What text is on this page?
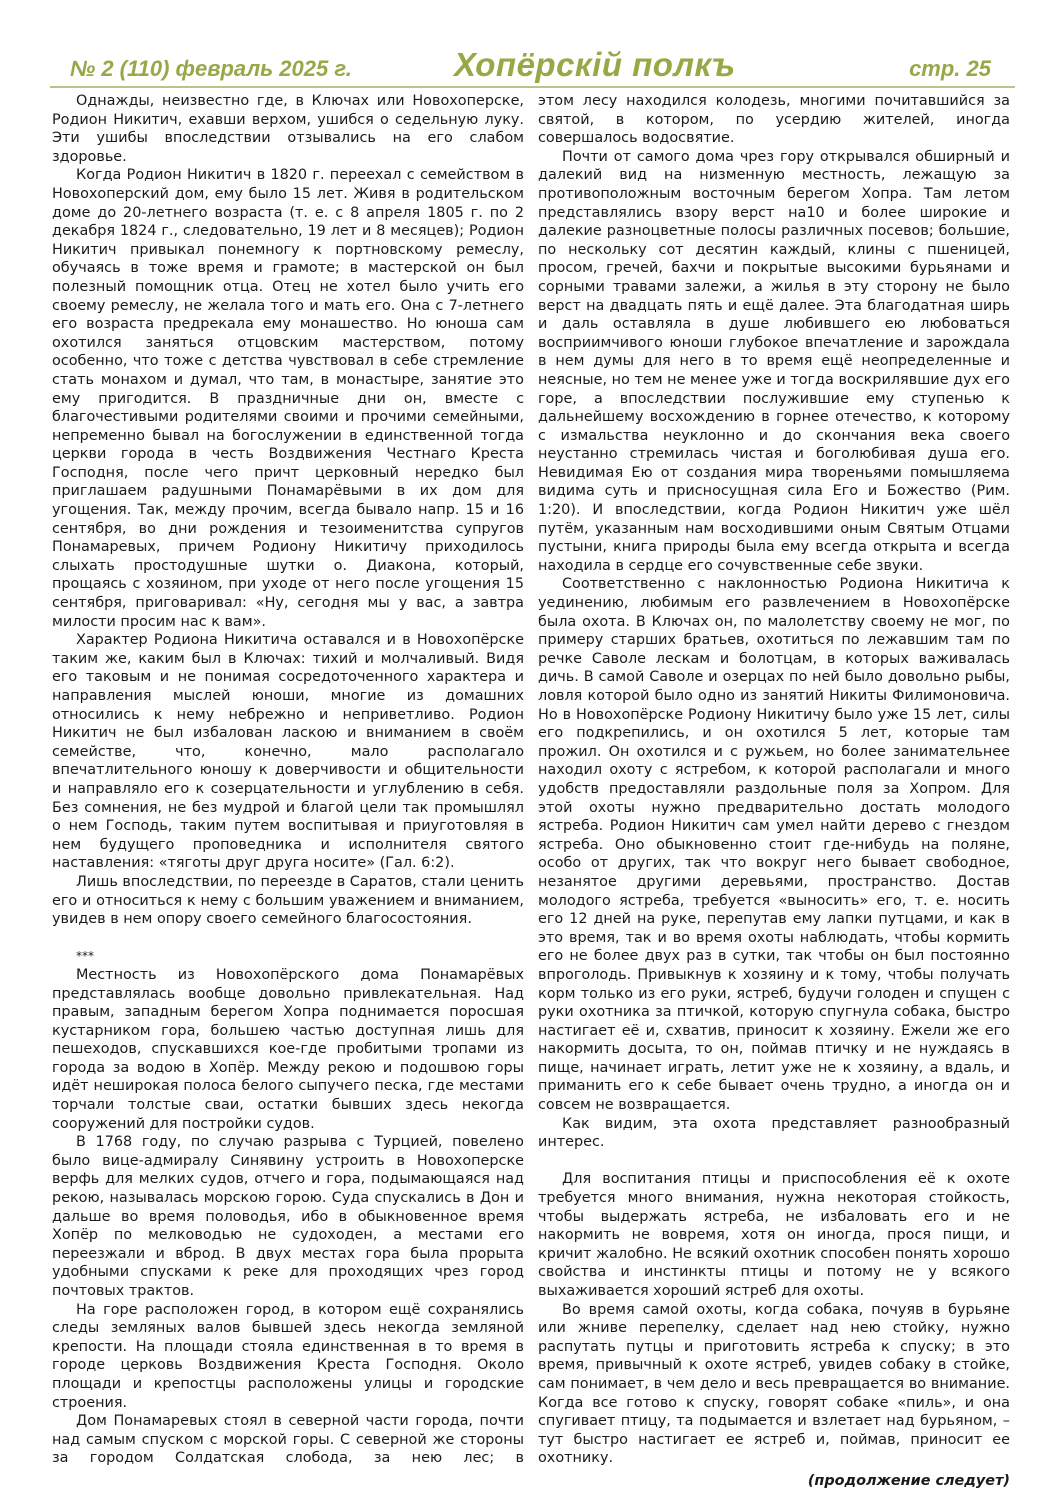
№ 2 (110) февраль 2025 г.	Хопёрскій полкъ	стр. 25

Однажды, неизвестно где, в Ключах или Новохоперске, Родион Никитич, ехавши верхом, ушибся о седельную луку. Эти ушибы впоследствии отзывались на его слабом здоровье.

Когда Родион Никитич в 1820 г. переехал с семейством в Новохоперский дом, ему было 15 лет. Живя в родительском доме до 20-летнего возраста (т. е. с 8 апреля 1805 г. по 2 декабря 1824 г., следовательно, 19 лет и 8 месяцев); Родион Никитич привыкал понемногу к портновскому ремеслу, обучаясь в тоже время и грамоте; в мастерской он был полезный помощник отца. Отец не хотел было учить его своему ремеслу, не желала того и мать его. Она с 7-летнего его возраста предрекала ему монашество. Но юноша сам охотился заняться отцовским мастерством, потому особенно, что тоже с детства чувствовал в себе стремление стать монахом и думал, что там, в монастыре, занятие это ему пригодится. В праздничные дни он, вместе с благочестивыми родителями своими и прочими семейными, непременно бывал на богослужении в единственной тогда церкви города в честь Воздвижения Честнаго Креста Господня, после чего причт церковный нередко был приглашаем радушными Понамарёвыми в их дом для угощения. Так, между прочим, всегда бывало напр. 15 и 16 сентября, во дни рождения и тезоименитства супругов Понамаревых, причем Родиону Никитичу приходилось слыхать простодушные шутки о. Диакона, который, прощаясь с хозяином, при уходе от него после угощения 15 сентября, приговаривал: «Ну, сегодня мы у вас, а завтра милости просим нас к вам».

Характер Родиона Никитича оставался и в Новохопёрске таким же, каким был в Ключах: тихий и молчаливый. Видя его таковым и не понимая сосредоточенного характера и направления мыслей юноши, многие из домашних относились к нему небрежно и неприветливо. Родион Никитич не был избалован ласкою и вниманием в своём семействе, что, конечно, мало располагало впечатлительного юношу к доверчивости и общительности и направляло его к созерцательности и углублению в себя. Без сомнения, не без мудрой и благой цели так промышлял о нем Господь, таким путем воспитывая и приуготовляя в нем будущего проповедника и исполнителя святого наставления: «тяготы друг друга носите» (Гал. 6:2).

Лишь впоследствии, по переезде в Саратов, стали ценить его и относиться к нему с большим уважением и вниманием, увидев в нем опору своего семейного благосостояния.

***

Местность из Новохопёрского дома Понамарёвых представлялась вообще довольно привлекательная. Над правым, западным берегом Хопра поднимается поросшая кустарником гора, большею частью доступная лишь для пешеходов, спускавшихся кое-где пробитыми тропами из города за водою в Хопёр. Между рекою и подошвою горы идёт неширокая полоса белого сыпучего песка, где местами торчали толстые сваи, остатки бывших здесь некогда сооружений для постройки судов.

В 1768 году, по случаю разрыва с Турцией, повелено было вице-адмиралу Синявину устроить в Новохоперске верфь для мелких судов, отчего и гора, подымающаяся над рекою, называлась морскою горою. Суда спускались в Дон и дальше во время половодья, ибо в обыкновенное время Хопёр по мелководью не судоходен, а местами его переезжали и вброд. В двух местах гора была прорыта удобными спусками к реке для проходящих чрез город почтовых трактов.

На горе расположен город, в котором ещё сохранялись следы земляных валов бывшей здесь некогда земляной крепости. На площади стояла единственная в то время в городе церковь Воздвижения Креста Господня. Около площади и крепостцы расположены улицы и городские строения.

Дом Понамаревых стоял в северной части города, почти над самым спуском с морской горы. С северной же стороны за городом Солдатская слобода, за нею лес; в

этом лесу находился колодезь, многими почитавшийся за святой, в котором, по усердию жителей, иногда совершалось водосвятие.

Почти от самого дома чрез гору открывался обширный и далекий вид на низменную местность, лежащую за противоположным восточным берегом Хопра. Там летом представлялись взору верст на10 и более широкие и далекие разноцветные полосы различных посевов; большие, по нескольку сот десятин каждый, клины с пшеницей, просом, гречей, бахчи и покрытые высокими бурьянами и сорными травами залежи, а жилья в эту сторону не было верст на двадцать пять и ещё далее. Эта благодатная ширь и даль оставляла в душе любившего ею любоваться восприимчивого юноши глубокое впечатление и зарождала в нем думы для него в то время ещё неопределенные и неясные, но тем не менее уже и тогда воскрилявшие дух его горе, а впоследствии послужившие ему ступенью к дальнейшему восхождению в горнее отечество, к которому с измальства неуклонно и до скончания века своего неустанно стремилась чистая и боголюбивая душа его. Невидимая Ею от создания мира твореньями помышляема видима суть и присносущная сила Его и Божество (Рим. 1:20). И впоследствии, когда Родион Никитич уже шёл путём, указанным нам восходившими оным Святым Отцами пустыни, книга природы была ему всегда открыта и всегда находила в сердце его сочувственные себе звуки.

Соответственно с наклонностью Родиона Никитича к уединению, любимым его развлечением в Новохопёрске была охота. В Ключах он, по малолетству своему не мог, по примеру старших братьев, охотиться по лежавшим там по речке Саволе лескам и болотцам, в которых важивалась дичь. В самой Саволе и озерцах по ней было довольно рыбы, ловля которой было одно из занятий Никиты Филимоновича. Но в Новохопёрске Родиону Никитичу было уже 15 лет, силы его подкрепились, и он охотился 5 лет, которые там прожил. Он охотился и с ружьем, но более занимательнее находил охоту с ястребом, к которой располагали и много удобств предоставляли раздольные поля за Хопром. Для этой охоты нужно предварительно достать молодого ястреба. Родион Никитич сам умел найти дерево с гнездом ястреба. Оно обыкновенно стоит где-нибудь на поляне, особо от других, так что вокруг него бывает свободное, незанятое другими деревьями, пространство. Достав молодого ястреба, требуется «выносить» его, т. е. носить его 12 дней на руке, перепутав ему лапки путцами, и как в это время, так и во время охоты наблюдать, чтобы кормить его не более двух раз в сутки, так чтобы он был постоянно впроголодь. Привыкнув к хозяину и к тому, чтобы получать корм только из его руки, ястреб, будучи голоден и спущен с руки охотника за птичкой, которую спугнула собака, быстро настигает её и, схватив, приносит к хозяину. Ежели же его накормить досыта, то он, поймав птичку и не нуждаясь в пище, начинает играть, летит уже не к хозяину, а вдаль, и приманить его к себе бывает очень трудно, а иногда он и совсем не возвращается.

Как видим, эта охота представляет разнообразный интерес.

Для воспитания птицы и приспособления её к охоте требуется много внимания, нужна некоторая стойкость, чтобы выдержать ястреба, не избаловать его и не накормить не вовремя, хотя он иногда, прося пищи, и кричит жалобно. Не всякий охотник способен понять хорошо свойства и инстинкты птицы и потому не у всякого выхаживается хороший ястреб для охоты.

Во время самой охоты, когда собака, почуяв в бурьяне или жниве перепелку, сделает над нею стойку, нужно распутать путцы и приготовить ястреба к спуску; в это время, привычный к охоте ястреб, увидев собаку в стойке, сам понимает, в чем дело и весь превращается во внимание. Когда все готово к спуску, говорят собаке «пиль», и она спугивает птицу, та подымается и взлетает над бурьяном, – тут быстро настигает ее ястреб и, поймав, приносит ее охотнику.

(продолжение следует)
